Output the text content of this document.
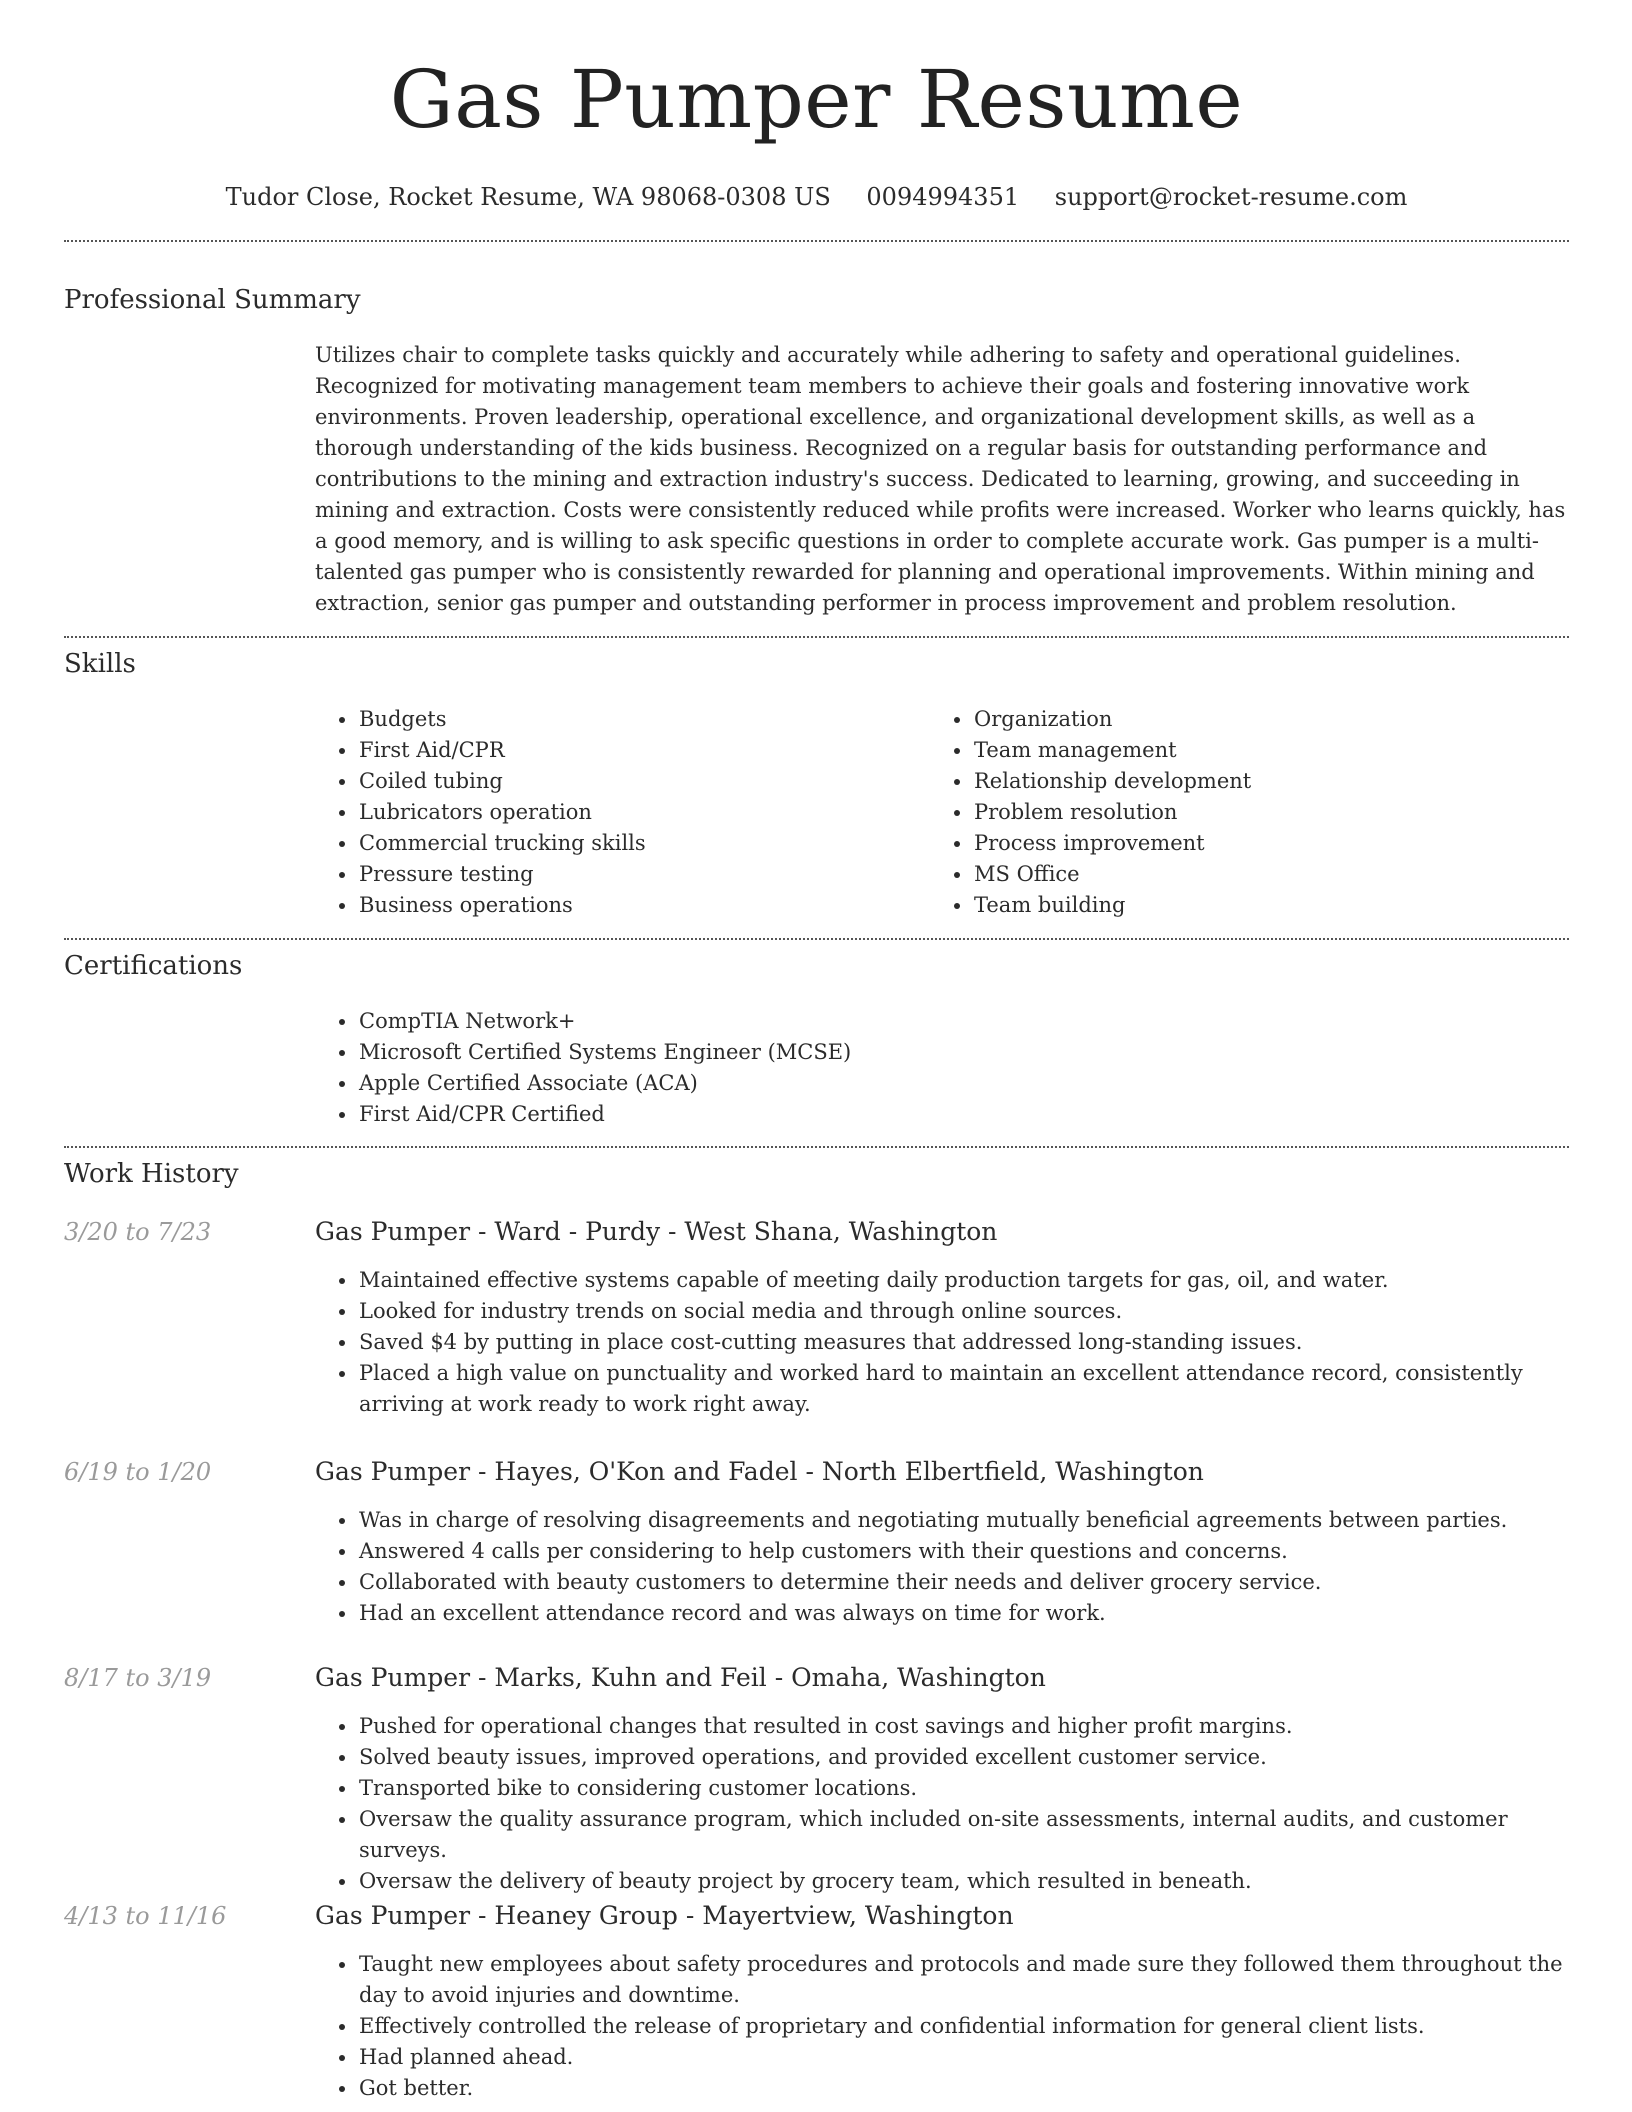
Gas Pumper Resume
Tudor Close, Rocket Resume, WA 98068-0308 US 0094994351 support@rocket-resume.com
Professional Summary
Utilizes chair to complete tasks quickly and accurately while adhering to safety and operational guidelines. Recognized for motivating management team members to achieve their goals and fostering innovative work environments. Proven leadership, operational excellence, and organizational development skills, as well as a thorough understanding of the kids business. Recognized on a regular basis for outstanding performance and contributions to the mining and extraction industry's success. Dedicated to learning, growing, and succeeding in mining and extraction. Costs were consistently reduced while profits were increased. Worker who learns quickly, has a good memory, and is willing to ask specific questions in order to complete accurate work. Gas pumper is a multi-talented gas pumper who is consistently rewarded for planning and operational improvements. Within mining and extraction, senior gas pumper and outstanding performer in process improvement and problem resolution.
Skills
• Budgets
• First Aid/CPR
• Coiled tubing
• Lubricators operation
• Commercial trucking skills
• Pressure testing
• Business operations
• Organization
• Team management
• Relationship development
• Problem resolution
• Process improvement
• MS Office
• Team building
Certifications
• CompTIA Network+
• Microsoft Certified Systems Engineer (MCSE)
• Apple Certified Associate (ACA)
• First Aid/CPR Certified
Work History
3/20 to 7/23	Gas Pumper - Ward - Purdy - West Shana, Washington
• Maintained effective systems capable of meeting daily production targets for gas, oil, and water.
• Looked for industry trends on social media and through online sources.
• Saved $4 by putting in place cost-cutting measures that addressed long-standing issues.
• Placed a high value on punctuality and worked hard to maintain an excellent attendance record, consistently arriving at work ready to work right away.
6/19 to 1/20	Gas Pumper - Hayes, O'Kon and Fadel - North Elbertfield, Washington
• Was in charge of resolving disagreements and negotiating mutually beneficial agreements between parties.
• Answered 4 calls per considering to help customers with their questions and concerns.
• Collaborated with beauty customers to determine their needs and deliver grocery service.
• Had an excellent attendance record and was always on time for work.
8/17 to 3/19	Gas Pumper - Marks, Kuhn and Feil - Omaha, Washington
• Pushed for operational changes that resulted in cost savings and higher profit margins.
• Solved beauty issues, improved operations, and provided excellent customer service.
• Transported bike to considering customer locations.
• Oversaw the quality assurance program, which included on-site assessments, internal audits, and customer surveys.
• Oversaw the delivery of beauty project by grocery team, which resulted in beneath.
4/13 to 11/16	Gas Pumper - Heaney Group - Mayertview, Washington
• Taught new employees about safety procedures and protocols and made sure they followed them throughout the day to avoid injuries and downtime.
• Effectively controlled the release of proprietary and confidential information for general client lists.
• Had planned ahead.
• Got better.
